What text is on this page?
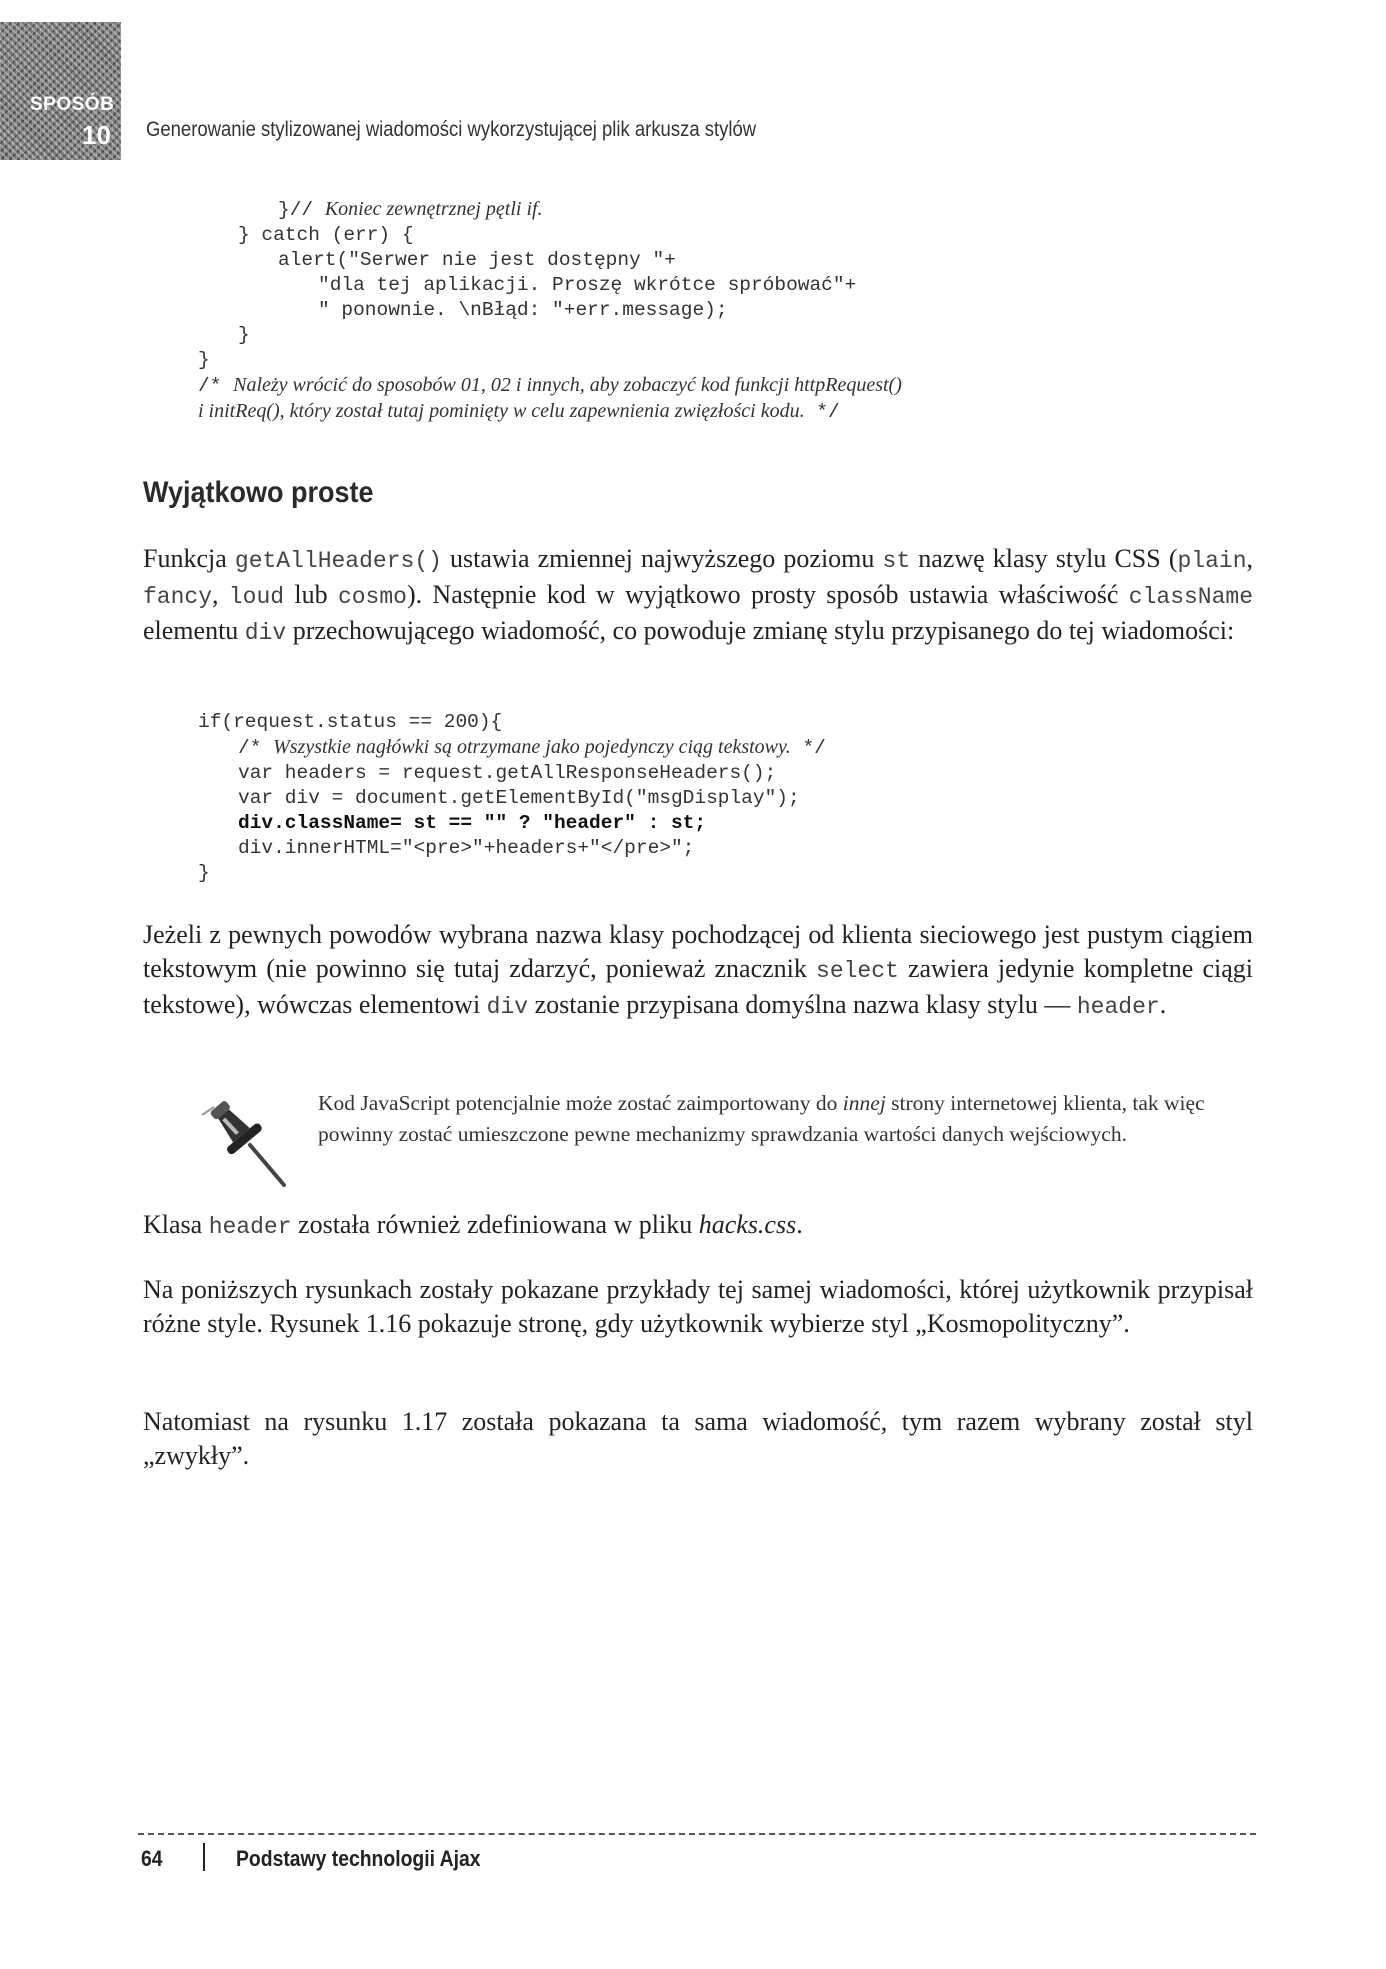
SPOSÓB
10 Generowanie stylizowanej wiadomości wykorzystującej plik arkusza stylów
}// Koniec zewnętrznej pętli if.
} catch (err) {
alert("Serwer nie jest dostępny "+
"dla tej aplikacji. Proszę wkrótce spróbować"+
" ponownie. \nBłąd: "+err.message);
}
}
/* Należy wrócić do sposobów 01, 02 i innych, aby zobaczyć kod funkcji httpRequest()
i initReq(), który został tutaj pominięty w celu zapewnienia zwięzłości kodu. */
Wyjątkowo proste

Funkcja getAllHeaders() ustawia zmiennej najwyższego poziomu st nazwę klasy stylu CSS (plain, fancy, loud lub cosmo). Następnie kod w wyjątkowo prosty sposób ustawia właściwość className elementu div przechowującego wiadomość, co powoduje zmianę stylu przypisanego do tej wiadomości:

if(request.status == 200){
/* Wszystkie nagłówki są otrzymane jako pojedynczy ciąg tekstowy. */
var headers = request.getAllResponseHeaders();
var div = document.getElementById("msgDisplay");
div.className= st == "" ? "header" : st;
div.innerHTML="<pre>"+headers+"</pre>";
}

Jeżeli z pewnych powodów wybrana nazwa klasy pochodzącej od klienta sieciowego jest pustym ciągiem tekstowym (nie powinno się tutaj zdarzyć, ponieważ znacznik select zawiera jedynie kompletne ciągi tekstowe), wówczas elementowi div zostanie przypisana domyślna nazwa klasy stylu — header.

Kod JavaScript potencjalnie może zostać zaimportowany do innej strony internetowej klienta, tak więc powinny zostać umieszczone pewne mechanizmy sprawdzania wartości danych wejściowych.

Klasa header została również zdefiniowana w pliku hacks.css.

Na poniższych rysunkach zostały pokazane przykłady tej samej wiadomości, której użytkownik przypisał różne style. Rysunek 1.16 pokazuje stronę, gdy użytkownik wybierze styl „Kosmopolityczny”.

Natomiast na rysunku 1.17 została pokazana ta sama wiadomość, tym razem wybrany został styl „zwykły”.

64	Podstawy technologii Ajax
